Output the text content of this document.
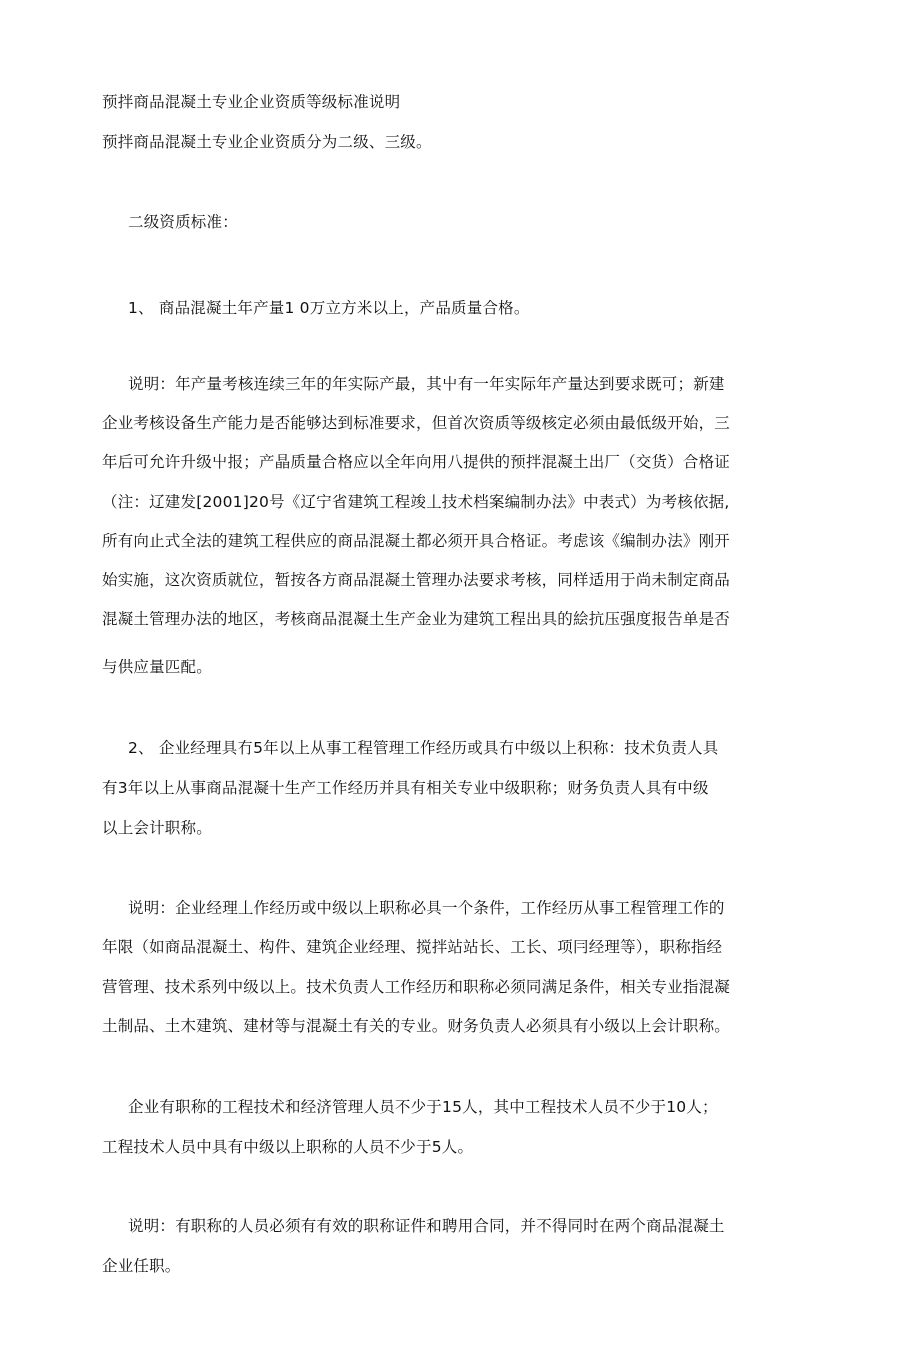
预拌商品混凝土专业企业资质等级标准说明
预拌商品混凝土专业企业资质分为二级、三级。
二级资质标准：
1、 商品混凝土年产量1 0万立方米以上，产品质量合格。
说明：年产量考核连续三年的年实际产最，其屮有一年实际年产量达到要求既可；新建
企业考核设备生产能力是否能够达到标准要求，但首次资质等级核定必须由最低级开始，三
年后可允许升级屮报；产晶质量合格应以全年向用八提供的预拌混凝土出厂（交货）合格证
（注：辽建发[2001]20号《辽宁省建筑工程竣丄技术档案编制办法》中表式）为考核依据,
所有向止式全法的建筑工程供应的商品混凝土都必须开具合格证。考虑该《编制办法》刚开
始实施，这次资质就位，暂按各方商品混凝土管理办法要求考核，同样适用于尚未制定商品
混凝土管理办法的地区，考核商品混凝土生产金业为建筑工程出具的絵抗压强度报告单是否
与供应量匹配。
2、 企业经理具冇5年以上从事工程管理工作经历或具冇中级以上积称：技术负责人具
有3年以上从事商品混凝十生产工作经历并具有相关专业中级职称；财务负责人具有中级
以上会计职称。
说明：企业经理丄作经历或中级以上职称必具一个条件，工作经历从事工程管理工作的
年限（如商品混凝土、构件、建筑企业经理、搅拌站站长、工长、项冃经理等），职称指经
营管理、技术系列中级以上。技术负责人工作经历和职称必须同满足条件，相关专业指混凝
土制品、土木建筑、建材等与混凝土有关的专业。财务负责人必须具有小级以上会计职称。
企业有职称的工程技术和经济管理人员不少于15人，其中工程技术人员不少于10人；
工程技术人员中具有中级以上职称的人员不少于5人。
说明：有职称的人员必须有有效的职称证件和聘用合同，并不得同时在两个商品混凝土
企业任职。
